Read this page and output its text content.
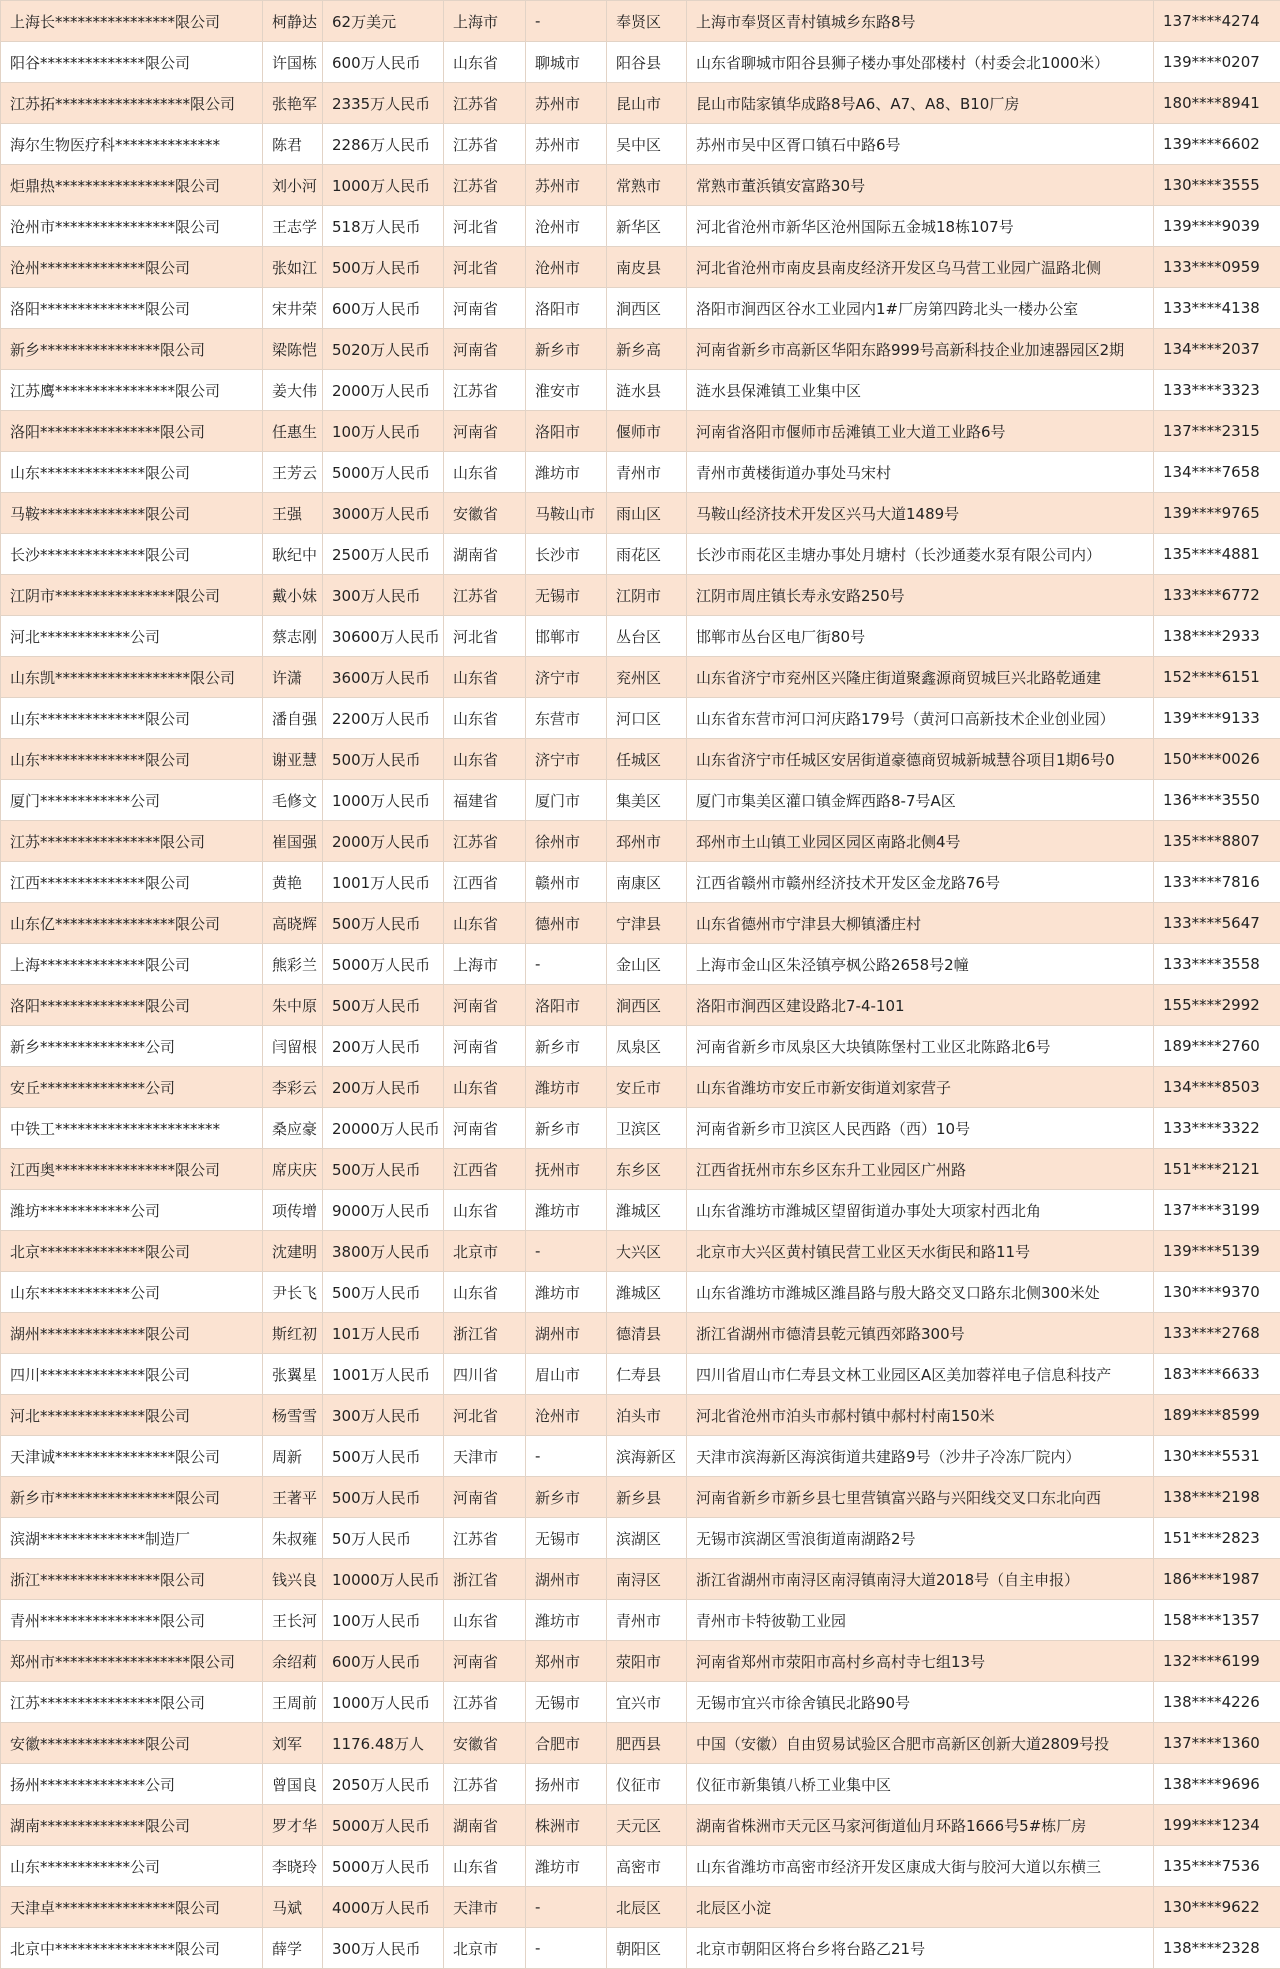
上海长****************限公司	柯静达	62万美元	上海市	-	奉贤区	上海市奉贤区青村镇城乡东路8号	137****4274
阳谷**************限公司	许国栋	600万人民币	山东省	聊城市	阳谷县	山东省聊城市阳谷县狮子楼办事处邵楼村（村委会北1000米）	139****0207
江苏拓******************限公司	张艳军	2335万人民币	江苏省	苏州市	昆山市	昆山市陆家镇华成路8号A6、A7、A8、B10厂房	180****8941
海尔生物医疗科**************	陈君	2286万人民币	江苏省	苏州市	吴中区	苏州市吴中区胥口镇石中路6号	139****6602
炬鼎热****************限公司	刘小河	1000万人民币	江苏省	苏州市	常熟市	常熟市董浜镇安富路30号	130****3555
沧州市****************限公司	王志学	518万人民币	河北省	沧州市	新华区	河北省沧州市新华区沧州国际五金城18栋107号	139****9039
沧州**************限公司	张如江	500万人民币	河北省	沧州市	南皮县	河北省沧州市南皮县南皮经济开发区乌马营工业园广温路北侧	133****0959
洛阳**************限公司	宋井荣	600万人民币	河南省	洛阳市	涧西区	洛阳市涧西区谷水工业园内1#厂房第四跨北头一楼办公室	133****4138
新乡****************限公司	梁陈恺	5020万人民币	河南省	新乡市	新乡高	河南省新乡市高新区华阳东路999号高新科技企业加速器园区2期	134****2037
江苏鹰****************限公司	姜大伟	2000万人民币	江苏省	淮安市	涟水县	涟水县保滩镇工业集中区	133****3323
洛阳****************限公司	任惠生	100万人民币	河南省	洛阳市	偃师市	河南省洛阳市偃师市岳滩镇工业大道工业路6号	137****2315
山东**************限公司	王芳云	5000万人民币	山东省	潍坊市	青州市	青州市黄楼街道办事处马宋村	134****7658
马鞍**************限公司	王强	3000万人民币	安徽省	马鞍山市	雨山区	马鞍山经济技术开发区兴马大道1489号	139****9765
长沙**************限公司	耿纪中	2500万人民币	湖南省	长沙市	雨花区	长沙市雨花区圭塘办事处月塘村（长沙通菱水泵有限公司内）	135****4881
江阴市****************限公司	戴小妹	300万人民币	江苏省	无锡市	江阴市	江阴市周庄镇长寿永安路250号	133****6772
河北************公司	蔡志刚	30600万人民币	河北省	邯郸市	丛台区	邯郸市丛台区电厂街80号	138****2933
山东凯******************限公司	许潇	3600万人民币	山东省	济宁市	兖州区	山东省济宁市兖州区兴隆庄街道聚鑫源商贸城巨兴北路乾通建	152****6151
山东**************限公司	潘自强	2200万人民币	山东省	东营市	河口区	山东省东营市河口河庆路179号（黄河口高新技术企业创业园）	139****9133
山东**************限公司	谢亚慧	500万人民币	山东省	济宁市	任城区	山东省济宁市任城区安居街道豪德商贸城新城慧谷项目1期6号0	150****0026
厦门************公司	毛修文	1000万人民币	福建省	厦门市	集美区	厦门市集美区灌口镇金辉西路8-7号A区	136****3550
江苏****************限公司	崔国强	2000万人民币	江苏省	徐州市	邳州市	邳州市土山镇工业园区园区南路北侧4号	135****8807
江西**************限公司	黄艳	1001万人民币	江西省	赣州市	南康区	江西省赣州市赣州经济技术开发区金龙路76号	133****7816
山东亿****************限公司	高晓辉	500万人民币	山东省	德州市	宁津县	山东省德州市宁津县大柳镇潘庄村	133****5647
上海**************限公司	熊彩兰	5000万人民币	上海市	-	金山区	上海市金山区朱泾镇亭枫公路2658号2幢	133****3558
洛阳**************限公司	朱中原	500万人民币	河南省	洛阳市	涧西区	洛阳市涧西区建设路北7-4-101	155****2992
新乡**************公司	闫留根	200万人民币	河南省	新乡市	凤泉区	河南省新乡市凤泉区大块镇陈堡村工业区北陈路北6号	189****2760
安丘**************公司	李彩云	200万人民币	山东省	潍坊市	安丘市	山东省潍坊市安丘市新安街道刘家营子	134****8503
中铁工**********************	桑应豪	20000万人民币	河南省	新乡市	卫滨区	河南省新乡市卫滨区人民西路（西）10号	133****3322
江西奥****************限公司	席庆庆	500万人民币	江西省	抚州市	东乡区	江西省抚州市东乡区东升工业园区广州路	151****2121
潍坊************公司	项传增	9000万人民币	山东省	潍坊市	潍城区	山东省潍坊市潍城区望留街道办事处大项家村西北角	137****3199
北京**************限公司	沈建明	3800万人民币	北京市	-	大兴区	北京市大兴区黄村镇民营工业区天水街民和路11号	139****5139
山东************公司	尹长飞	500万人民币	山东省	潍坊市	潍城区	山东省潍坊市潍城区潍昌路与殷大路交叉口路东北侧300米处	130****9370
湖州**************限公司	斯红初	101万人民币	浙江省	湖州市	德清县	浙江省湖州市德清县乾元镇西郊路300号	133****2768
四川**************限公司	张翼星	1001万人民币	四川省	眉山市	仁寿县	四川省眉山市仁寿县文林工业园区A区美加蓉祥电子信息科技产	183****6633
河北**************限公司	杨雪雪	300万人民币	河北省	沧州市	泊头市	河北省沧州市泊头市郝村镇中郝村村南150米	189****8599
天津诚****************限公司	周新	500万人民币	天津市	-	滨海新区	天津市滨海新区海滨街道共建路9号（沙井子冷冻厂院内）	130****5531
新乡市****************限公司	王著平	500万人民币	河南省	新乡市	新乡县	河南省新乡市新乡县七里营镇富兴路与兴阳线交叉口东北向西	138****2198
滨湖**************制造厂	朱叔雍	50万人民币	江苏省	无锡市	滨湖区	无锡市滨湖区雪浪街道南湖路2号	151****2823
浙江****************限公司	钱兴良	10000万人民币	浙江省	湖州市	南浔区	浙江省湖州市南浔区南浔镇南浔大道2018号（自主申报）	186****1987
青州****************限公司	王长河	100万人民币	山东省	潍坊市	青州市	青州市卡特彼勒工业园	158****1357
郑州市******************限公司	余绍莉	600万人民币	河南省	郑州市	荥阳市	河南省郑州市荥阳市高村乡高村寺七组13号	132****6199
江苏****************限公司	王周前	1000万人民币	江苏省	无锡市	宜兴市	无锡市宜兴市徐舍镇民北路90号	138****4226
安徽**************限公司	刘军	1176.48万人	安徽省	合肥市	肥西县	中国（安徽）自由贸易试验区合肥市高新区创新大道2809号投	137****1360
扬州**************公司	曾国良	2050万人民币	江苏省	扬州市	仪征市	仪征市新集镇八桥工业集中区	138****9696
湖南**************限公司	罗才华	5000万人民币	湖南省	株洲市	天元区	湖南省株洲市天元区马家河街道仙月环路1666号5#栋厂房	199****1234
山东************公司	李晓玲	5000万人民币	山东省	潍坊市	高密市	山东省潍坊市高密市经济开发区康成大街与胶河大道以东横三	135****7536
天津卓****************限公司	马斌	4000万人民币	天津市	-	北辰区	北辰区小淀	130****9622
北京中****************限公司	薛学	300万人民币	北京市	-	朝阳区	北京市朝阳区将台乡将台路乙21号	138****2328
